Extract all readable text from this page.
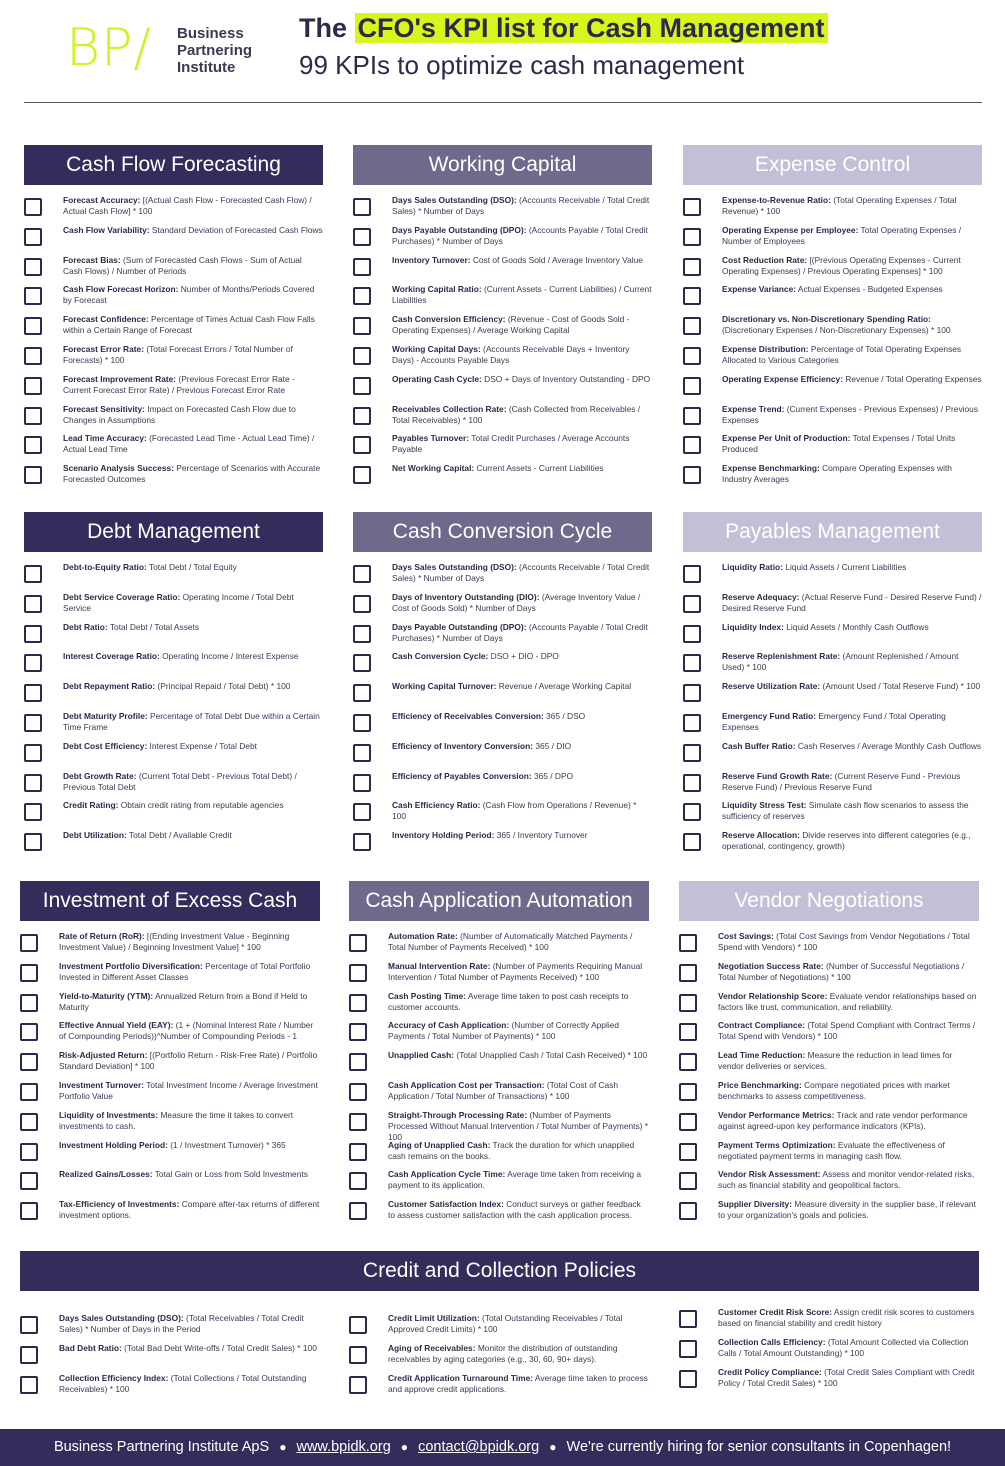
BP/ Business
Partnering
Institute
The CFO's KPI list for Cash Management
99 KPIs to optimize cash management
Cash Flow Forecasting
Forecast Accuracy: [(Actual Cash Flow - Forecasted Cash Flow) / Actual Cash Flow] * 100
Cash Flow Variability: Standard Deviation of Forecasted Cash Flows
Forecast Bias: (Sum of Forecasted Cash Flows - Sum of Actual Cash Flows) / Number of Periods
Cash Flow Forecast Horizon: Number of Months/Periods Covered by Forecast
Forecast Confidence: Percentage of Times Actual Cash Flow Falls within a Certain Range of Forecast
Forecast Error Rate: (Total Forecast Errors / Total Number of Forecasts) * 100
Forecast Improvement Rate: (Previous Forecast Error Rate - Current Forecast Error Rate) / Previous Forecast Error Rate
Forecast Sensitivity: Impact on Forecasted Cash Flow due to Changes in Assumptions
Lead Time Accuracy: (Forecasted Lead Time - Actual Lead Time) / Actual Lead Time
Scenario Analysis Success: Percentage of Scenarios with Accurate Forecasted Outcomes
Working Capital
Days Sales Outstanding (DSO): (Accounts Receivable / Total Credit Sales) * Number of Days
Days Payable Outstanding (DPO): (Accounts Payable / Total Credit Purchases) * Number of Days
Inventory Turnover: Cost of Goods Sold / Average Inventory Value
Working Capital Ratio: (Current Assets - Current Liabilities) / Current Liabilities
Cash Conversion Efficiency: (Revenue - Cost of Goods Sold - Operating Expenses) / Average Working Capital
Working Capital Days: (Accounts Receivable Days + Inventory Days) - Accounts Payable Days
Operating Cash Cycle: DSO + Days of Inventory Outstanding - DPO
Receivables Collection Rate: (Cash Collected from Receivables / Total Receivables) * 100
Payables Turnover: Total Credit Purchases / Average Accounts Payable
Net Working Capital: Current Assets - Current Liabilities
Expense Control
Expense-to-Revenue Ratio: (Total Operating Expenses / Total Revenue) * 100
Operating Expense per Employee: Total Operating Expenses / Number of Employees
Cost Reduction Rate: [(Previous Operating Expenses - Current Operating Expenses) / Previous Operating Expenses] * 100
Expense Variance: Actual Expenses - Budgeted Expenses
Discretionary vs. Non-Discretionary Spending Ratio: (Discretionary Expenses / Non-Discretionary Expenses) * 100
Expense Distribution: Percentage of Total Operating Expenses Allocated to Various Categories
Operating Expense Efficiency: Revenue / Total Operating Expenses
Expense Trend: (Current Expenses - Previous Expenses) / Previous Expenses
Expense Per Unit of Production: Total Expenses / Total Units Produced
Expense Benchmarking: Compare Operating Expenses with Industry Averages
Debt Management
Debt-to-Equity Ratio: Total Debt / Total Equity
Debt Service Coverage Ratio: Operating Income / Total Debt Service
Debt Ratio: Total Debt / Total Assets
Interest Coverage Ratio: Operating Income / Interest Expense
Debt Repayment Ratio: (Principal Repaid / Total Debt) * 100
Debt Maturity Profile: Percentage of Total Debt Due within a Certain Time Frame
Debt Cost Efficiency: Interest Expense / Total Debt
Debt Growth Rate: (Current Total Debt - Previous Total Debt) / Previous Total Debt
Credit Rating: Obtain credit rating from reputable agencies
Debt Utilization: Total Debt / Available Credit
Cash Conversion Cycle
Days Sales Outstanding (DSO): (Accounts Receivable / Total Credit Sales) * Number of Days
Days of Inventory Outstanding (DIO): (Average Inventory Value / Cost of Goods Sold) * Number of Days
Days Payable Outstanding (DPO): (Accounts Payable / Total Credit Purchases) * Number of Days
Cash Conversion Cycle: DSO + DIO - DPO
Working Capital Turnover: Revenue / Average Working Capital
Efficiency of Receivables Conversion: 365 / DSO
Efficiency of Inventory Conversion: 365 / DIO
Efficiency of Payables Conversion: 365 / DPO
Cash Efficiency Ratio: (Cash Flow from Operations / Revenue) * 100
Inventory Holding Period: 365 / Inventory Turnover
Payables Management
Liquidity Ratio: Liquid Assets / Current Liabilities
Reserve Adequacy: (Actual Reserve Fund - Desired Reserve Fund) / Desired Reserve Fund
Liquidity Index: Liquid Assets / Monthly Cash Outflows
Reserve Replenishment Rate: (Amount Replenished / Amount Used) * 100
Reserve Utilization Rate: (Amount Used / Total Reserve Fund) * 100
Emergency Fund Ratio: Emergency Fund / Total Operating Expenses
Cash Buffer Ratio: Cash Reserves / Average Monthly Cash Outflows
Reserve Fund Growth Rate: (Current Reserve Fund - Previous Reserve Fund) / Previous Reserve Fund
Liquidity Stress Test: Simulate cash flow scenarios to assess the sufficiency of reserves
Reserve Allocation: Divide reserves into different categories (e.g., operational, contingency, growth)
Investment of Excess Cash
Rate of Return (RoR): [(Ending Investment Value - Beginning Investment Value) / Beginning Investment Value] * 100
Investment Portfolio Diversification: Percentage of Total Portfolio Invested in Different Asset Classes
Yield-to-Maturity (YTM): Annualized Return from a Bond if Held to Maturity
Effective Annual Yield (EAY): (1 + (Nominal Interest Rate / Number of Compounding Periods))^Number of Compounding Periods - 1
Risk-Adjusted Return: [(Portfolio Return - Risk-Free Rate) / Portfolio Standard Deviation] * 100
Investment Turnover: Total Investment Income / Average Investment Portfolio Value
Liquidity of Investments: Measure the time it takes to convert investments to cash.
Investment Holding Period: (1 / Investment Turnover) * 365
Realized Gains/Losses: Total Gain or Loss from Sold Investments
Tax-Efficiency of Investments: Compare after-tax returns of different investment options.
Cash Application Automation
Automation Rate: (Number of Automatically Matched Payments / Total Number of Payments Received) * 100
Manual Intervention Rate: (Number of Payments Requiring Manual Intervention / Total Number of Payments Received) * 100
Cash Posting Time: Average time taken to post cash receipts to customer accounts.
Accuracy of Cash Application: (Number of Correctly Applied Payments / Total Number of Payments) * 100
Unapplied Cash: (Total Unapplied Cash / Total Cash Received) * 100
Cash Application Cost per Transaction: (Total Cost of Cash Application / Total Number of Transactions) * 100
Straight-Through Processing Rate: (Number of Payments Processed Without Manual Intervention / Total Number of Payments) * 100
Aging of Unapplied Cash: Track the duration for which unapplied cash remains on the books.
Cash Application Cycle Time: Average time taken from receiving a payment to its application.
Customer Satisfaction Index: Conduct surveys or gather feedback to assess customer satisfaction with the cash application process.
Vendor Negotiations
Cost Savings: (Total Cost Savings from Vendor Negotiations / Total Spend with Vendors) * 100
Negotiation Success Rate: (Number of Successful Negotiations / Total Number of Negotiations) * 100
Vendor Relationship Score: Evaluate vendor relationships based on factors like trust, communication, and reliability.
Contract Compliance: (Total Spend Compliant with Contract Terms / Total Spend with Vendors) * 100
Lead Time Reduction: Measure the reduction in lead times for vendor deliveries or services.
Price Benchmarking: Compare negotiated prices with market benchmarks to assess competitiveness.
Vendor Performance Metrics: Track and rate vendor performance against agreed-upon key performance indicators (KPIs).
Payment Terms Optimization: Evaluate the effectiveness of negotiated payment terms in managing cash flow.
Vendor Risk Assessment: Assess and monitor vendor-related risks, such as financial stability and geopolitical factors.
Supplier Diversity: Measure diversity in the supplier base, if relevant to your organization's goals and policies.
Credit and Collection Policies
Days Sales Outstanding (DSO): (Total Receivables / Total Credit Sales) * Number of Days in the Period
Bad Debt Ratio: (Total Bad Debt Write-offs / Total Credit Sales) * 100
Collection Efficiency Index: (Total Collections / Total Outstanding Receivables) * 100
Credit Limit Utilization: (Total Outstanding Receivables / Total Approved Credit Limits) * 100
Aging of Receivables: Monitor the distribution of outstanding receivables by aging categories (e.g., 30, 60, 90+ days).
Credit Application Turnaround Time: Average time taken to process and approve credit applications.
Customer Credit Risk Score: Assign credit risk scores to customers based on financial stability and credit history
Collection Calls Efficiency: (Total Amount Collected via Collection Calls / Total Amount Outstanding) * 100
Credit Policy Compliance: (Total Credit Sales Compliant with Credit Policy / Total Credit Sales) * 100
Business Partnering Institute ApS ● www.bpidk.org ● contact@bpidk.org ● We're currently hiring for senior consultants in Copenhagen!
